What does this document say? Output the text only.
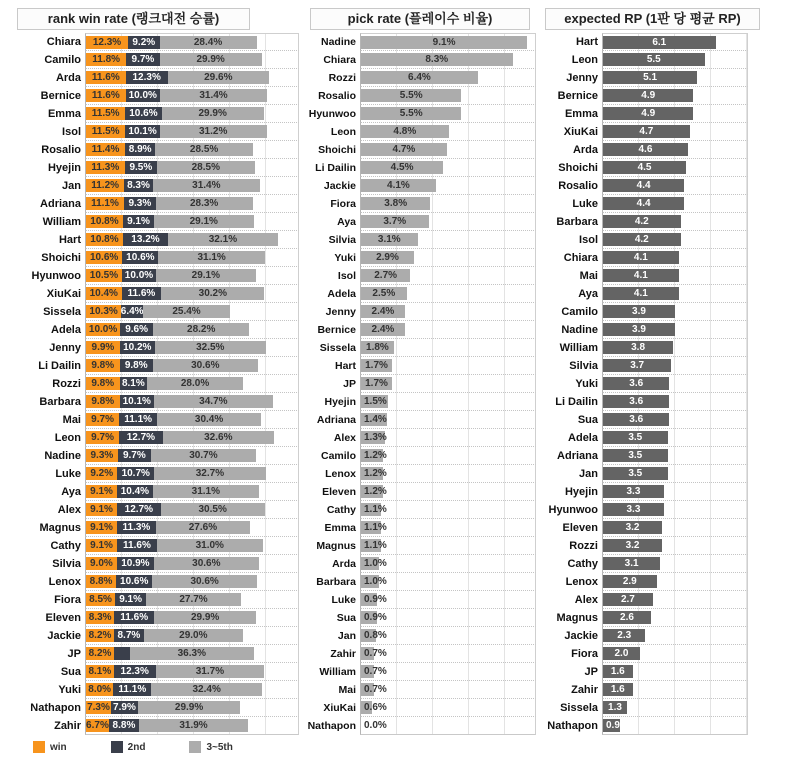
rank win rate (랭크대전 승률)
Chiara	12.3% 9.2%	28.4%
Camilo	11.8% 9.7%	29.9%
Arda	11.6% 12.3%	29.6%
Bernice	11.6% 10.0%	31.4%
Emma	11.5% 10.6%	29.9%
Isol	11.5% 10.1%	31.2%
Rosalio	11.4% 8.9%	28.5%
Hyejin	11.3% 9.5%	28.5%
Jan	11.2% 8.3%	31.4%
Adriana	11.1% 9.3%	28.3%
William 10.8% 9.1%	29.1%
Hart 10.8% 13.2%	32.1%
Shoichi 10.6% 10.6%	31.1%
Hyunwoo 10.5% 10.0%	29.1%
XiuKai 10.4% 11.6%	30.2%
Sissela 10.3% 6.4%	25.4%
Adela 10.0% 9.6%	28.2%
Jenny	9.9% 10.2%	32.5%
Li Dailin	9.8% 9.8%	30.6%
Rozzi	9.8% 8.1%	28.0%
Barbara	9.8% 10.1%	34.7%
Mai	9.7% 11.1%	30.4%
Leon	9.7% 12.7%	32.6%
Nadine 9.3% 9.7%	30.7%
Luke 9.2% 10.7%	32.7%
Aya 9.1% 10.4%	31.1%
Alex 9.1% 12.7%	30.5%
Magnus 9.1% 11.3%	27.6%
Cathy 9.1% 11.6%	31.0%
Silvia 9.0% 10.9%	30.6%
Lenox 8.8% 10.6%	30.6%
Fiora 8.5% 9.1%	27.7%
Eleven 8.3% 11.6%	29.9%
Jackie 8.2% 8.7%	29.0%
JP 8.2%	36.3%
Sua 8.1% 12.3%	31.7%
Yuki 8.0% 11.1%	32.4%
Nathapon 7.3% 7.9%	29.9%
Zahir 6.7% 8.8%	31.9%
win	2nd	3~5th
pick rate (플레이수 비율)
Nadine	9.1%
Chiara	8.3%
Rozzi	6.4%
Rosalio	5.5%
Hyunwoo	5.5%
Leon	4.8%
Shoichi	4.7%
Li Dailin	4.5%
Jackie	4.1%
Fiora	3.8%
Aya	3.7%
Silvia	3.1%
Yuki	2.9%
Isol	2.7%
Adela	2.5%
Jenny	2.4%
Bernice	2.4%
Sissela	1.8%
Hart 1.7%
JP 1.7%
Hyejin 1.5%
Adriana 1.4%
Alex 1.3%
Camilo 1.2%
Lenox 1.2%
Eleven 1.2%
Cathy 1.1%
Emma 1.1%
Magnus 1.1%
Arda 1.0%
Barbara 1.0%
Luke 0.9%
Sua 0.9%
Jan 0.8%
Zahir 0.7%
William 0.7%
Mai 0.7%
XiuKai 0.6%
Nathapon 0.0%
expected RP (1판 당 평균 RP)
Hart	6.1
Leon	5.5
Jenny	5.1
Bernice	4.9
Emma	4.9
XiuKai	4.7
Arda	4.6
Shoichi	4.5
Rosalio	4.4
Luke	4.4
Barbara	4.2
Isol	4.2
Chiara	4.1
Mai	4.1
Aya	4.1
Camilo	3.9
Nadine	3.9
William	3.8
Silvia	3.7
Yuki	3.6
Li Dailin	3.6
Sua	3.6
Adela	3.5
Adriana	3.5
Jan	3.5
Hyejin	3.3
Hyunwoo	3.3
Eleven	3.2
Rozzi	3.2
Cathy	3.1
Lenox	2.9
Alex	2.7
Magnus	2.6
Jackie	2.3
Fiora	2.0
JP	1.6
Zahir	1.6
Sissela	1.3
Nathapon 0.9
